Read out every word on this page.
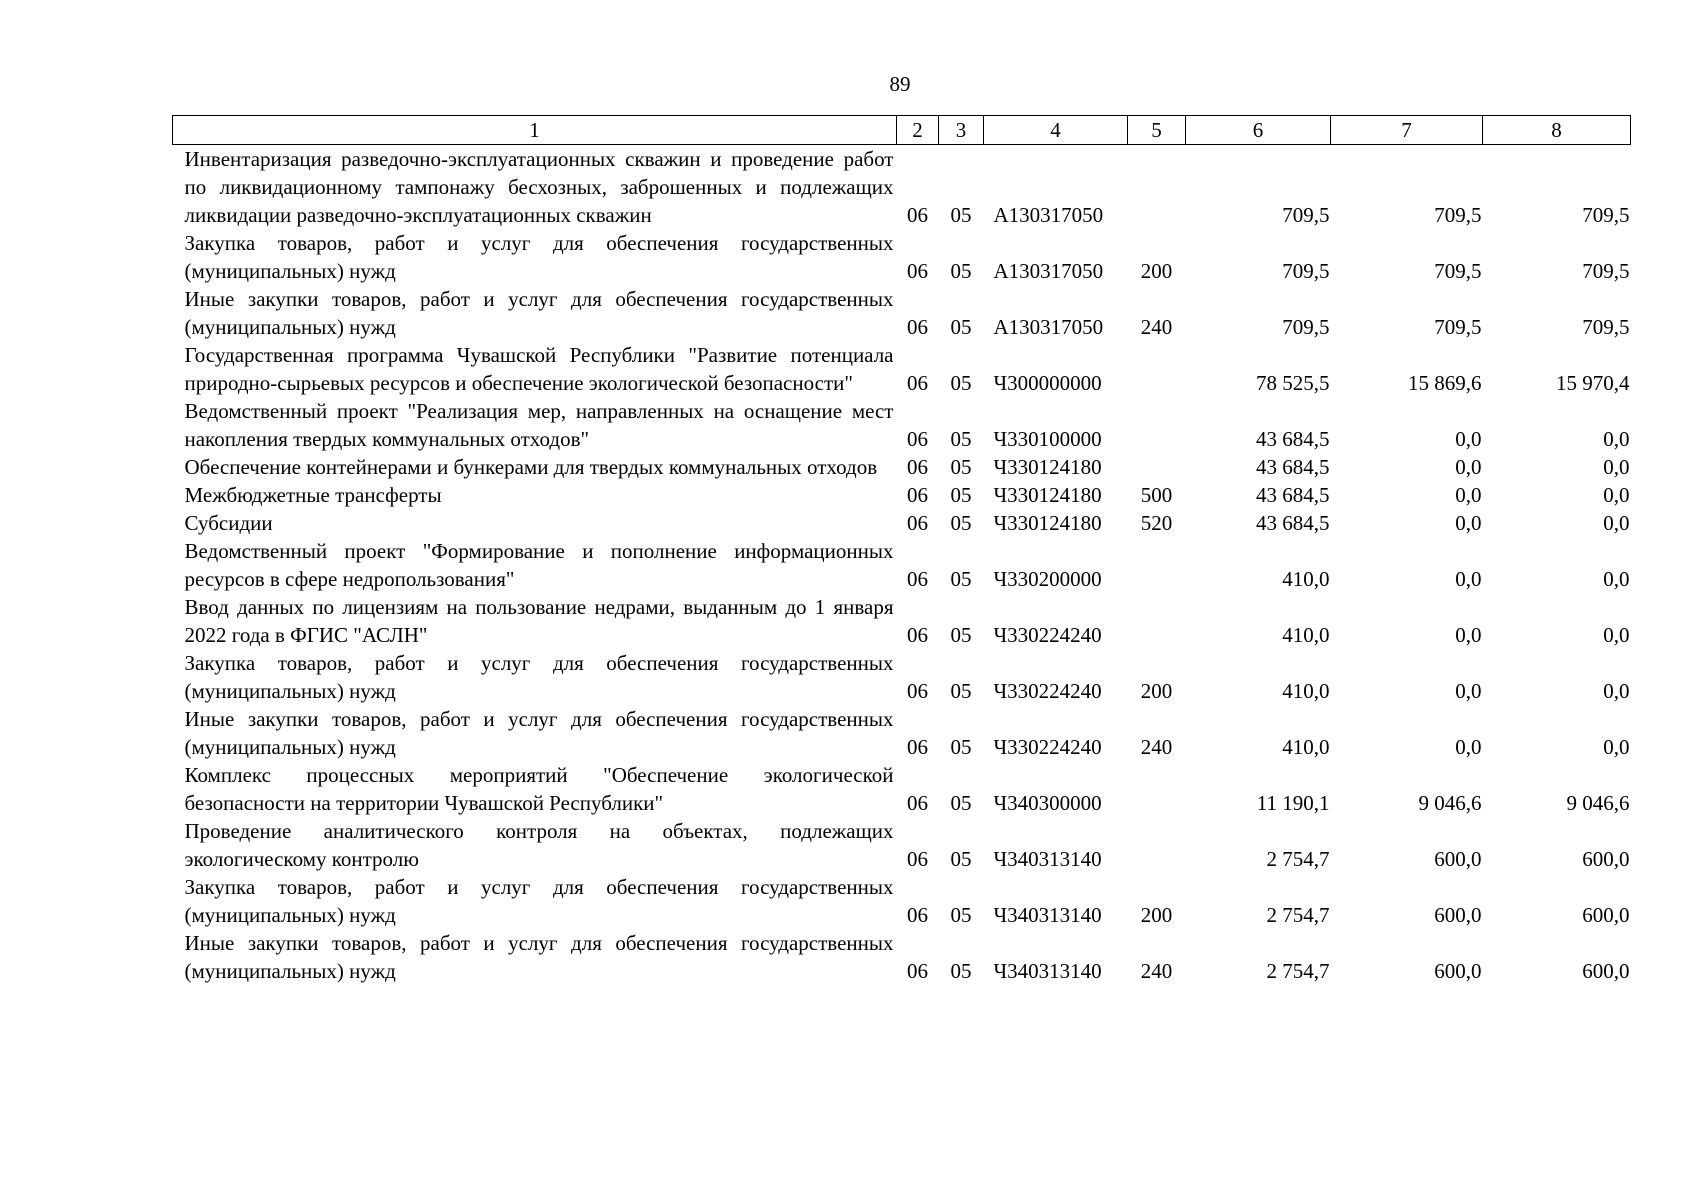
89
1	2	3	4	5	6	7	8
Инвентаризация разведочно-эксплуатационных скважин и проведение работ по ликвидационному тампонажу бесхозных, заброшенных и подлежащих ликвидации разведочно-эксплуатационных скважин	06	05	А130317050		709,5	709,5	709,5
Закупка товаров, работ и услуг для обеспечения государственных (муниципальных) нужд	06	05	А130317050	200	709,5	709,5	709,5
Иные закупки товаров, работ и услуг для обеспечения государственных (муниципальных) нужд	06	05	А130317050	240	709,5	709,5	709,5
Государственная программа Чувашской Республики "Развитие потенциала природно-сырьевых ресурсов и обеспечение экологической безопасности"	06	05	Ч300000000		78 525,5	15 869,6	15 970,4
Ведомственный проект "Реализация мер, направленных на оснащение мест накопления твердых коммунальных отходов"	06	05	Ч330100000		43 684,5	0,0	0,0
Обеспечение контейнерами и бункерами для твердых коммунальных отходов	06	05	Ч330124180		43 684,5	0,0	0,0
Межбюджетные трансферты	06	05	Ч330124180	500	43 684,5	0,0	0,0
Субсидии	06	05	Ч330124180	520	43 684,5	0,0	0,0
Ведомственный проект "Формирование и пополнение информационных ресурсов в сфере недропользования"	06	05	Ч330200000		410,0	0,0	0,0
Ввод данных по лицензиям на пользование недрами, выданным до 1 января 2022 года в ФГИС "АСЛН"	06	05	Ч330224240		410,0	0,0	0,0
Закупка товаров, работ и услуг для обеспечения государственных (муниципальных) нужд	06	05	Ч330224240	200	410,0	0,0	0,0
Иные закупки товаров, работ и услуг для обеспечения государственных (муниципальных) нужд	06	05	Ч330224240	240	410,0	0,0	0,0
Комплекс процессных мероприятий "Обеспечение экологической безопасности на территории Чувашской Республики"	06	05	Ч340300000		11 190,1	9 046,6	9 046,6
Проведение аналитического контроля на объектах, подлежащих экологическому контролю	06	05	Ч340313140		2 754,7	600,0	600,0
Закупка товаров, работ и услуг для обеспечения государственных (муниципальных) нужд	06	05	Ч340313140	200	2 754,7	600,0	600,0
Иные закупки товаров, работ и услуг для обеспечения государственных (муниципальных) нужд	06	05	Ч340313140	240	2 754,7	600,0	600,0
